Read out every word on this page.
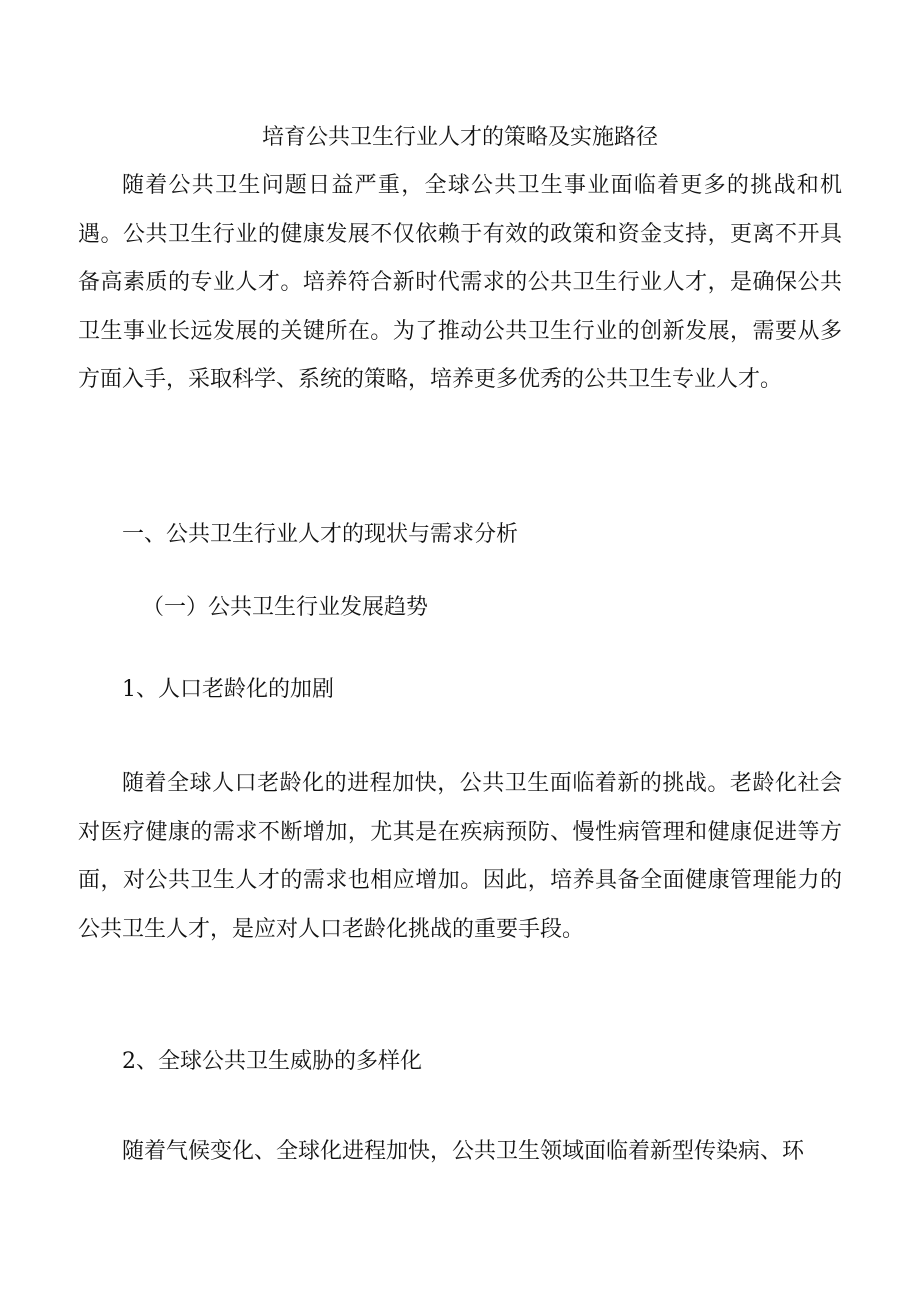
培育公共卫生行业人才的策略及实施路径

随着公共卫生问题日益严重，全球公共卫生事业面临着更多的挑战和机遇。公共卫生行业的健康发展不仅依赖于有效的政策和资金支持，更离不开具备高素质的专业人才。培养符合新时代需求的公共卫生行业人才，是确保公共卫生事业长远发展的关键所在。为了推动公共卫生行业的创新发展，需要从多方面入手，采取科学、系统的策略，培养更多优秀的公共卫生专业人才。

一、公共卫生行业人才的现状与需求分析
（一）公共卫生行业发展趋势
1、人口老龄化的加剧

随着全球人口老龄化的进程加快，公共卫生面临着新的挑战。老龄化社会对医疗健康的需求不断增加，尤其是在疾病预防、慢性病管理和健康促进等方面，对公共卫生人才的需求也相应增加。因此，培养具备全面健康管理能力的公共卫生人才，是应对人口老龄化挑战的重要手段。

2、全球公共卫生威胁的多样化

随着气候变化、全球化进程加快，公共卫生领域面临着新型传染病、环
